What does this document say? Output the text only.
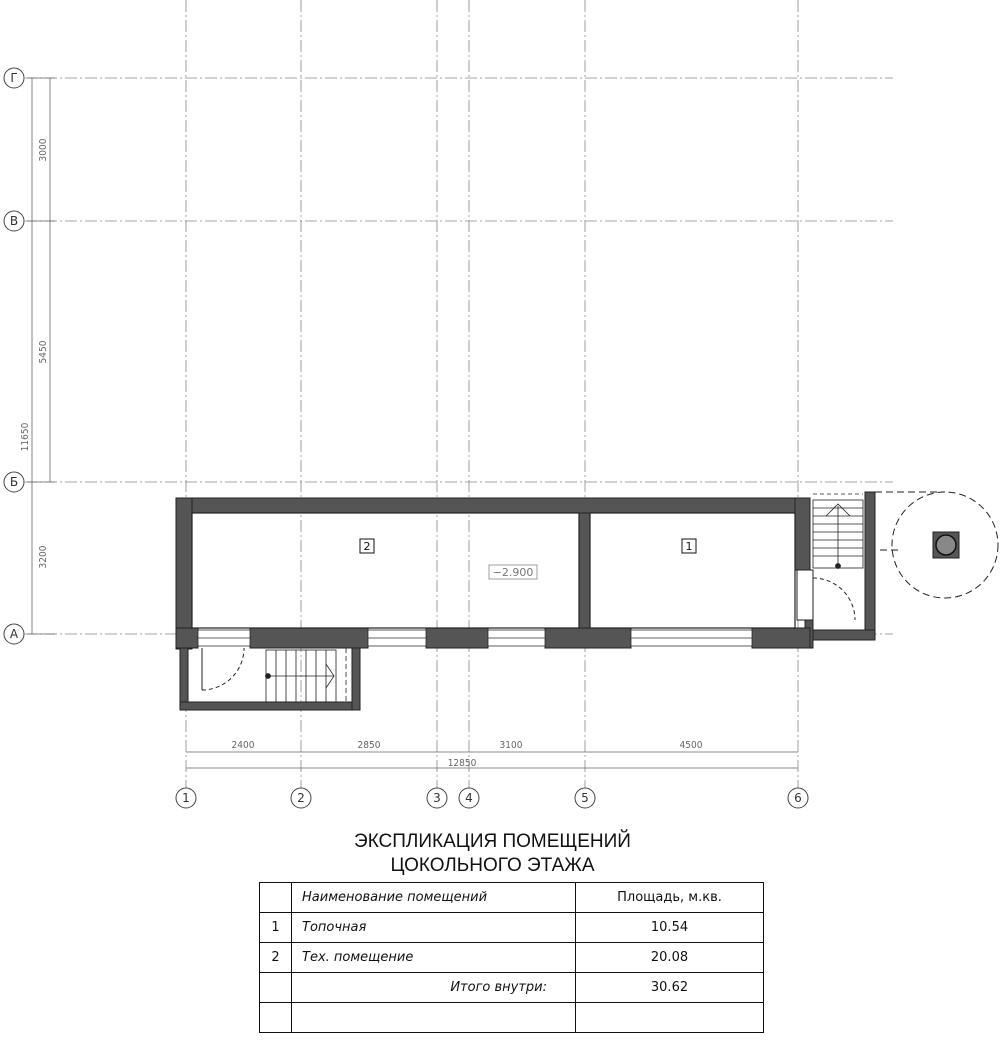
3000
5450
11650
3200
Г
В
Б
А
2400	2850	3100	4500
12850
1	2	3 4	5	6
2	1
−2.900
ЭКСПЛИКАЦИЯ ПОМЕЩЕНИЙ
ЦОКОЛЬНОГО ЭТАЖА
	Наименование помещений	Площадь, м.кв.
1	Топочная	10.54
2	Тех. помещение	20.08
	Итого внутри:	30.62
